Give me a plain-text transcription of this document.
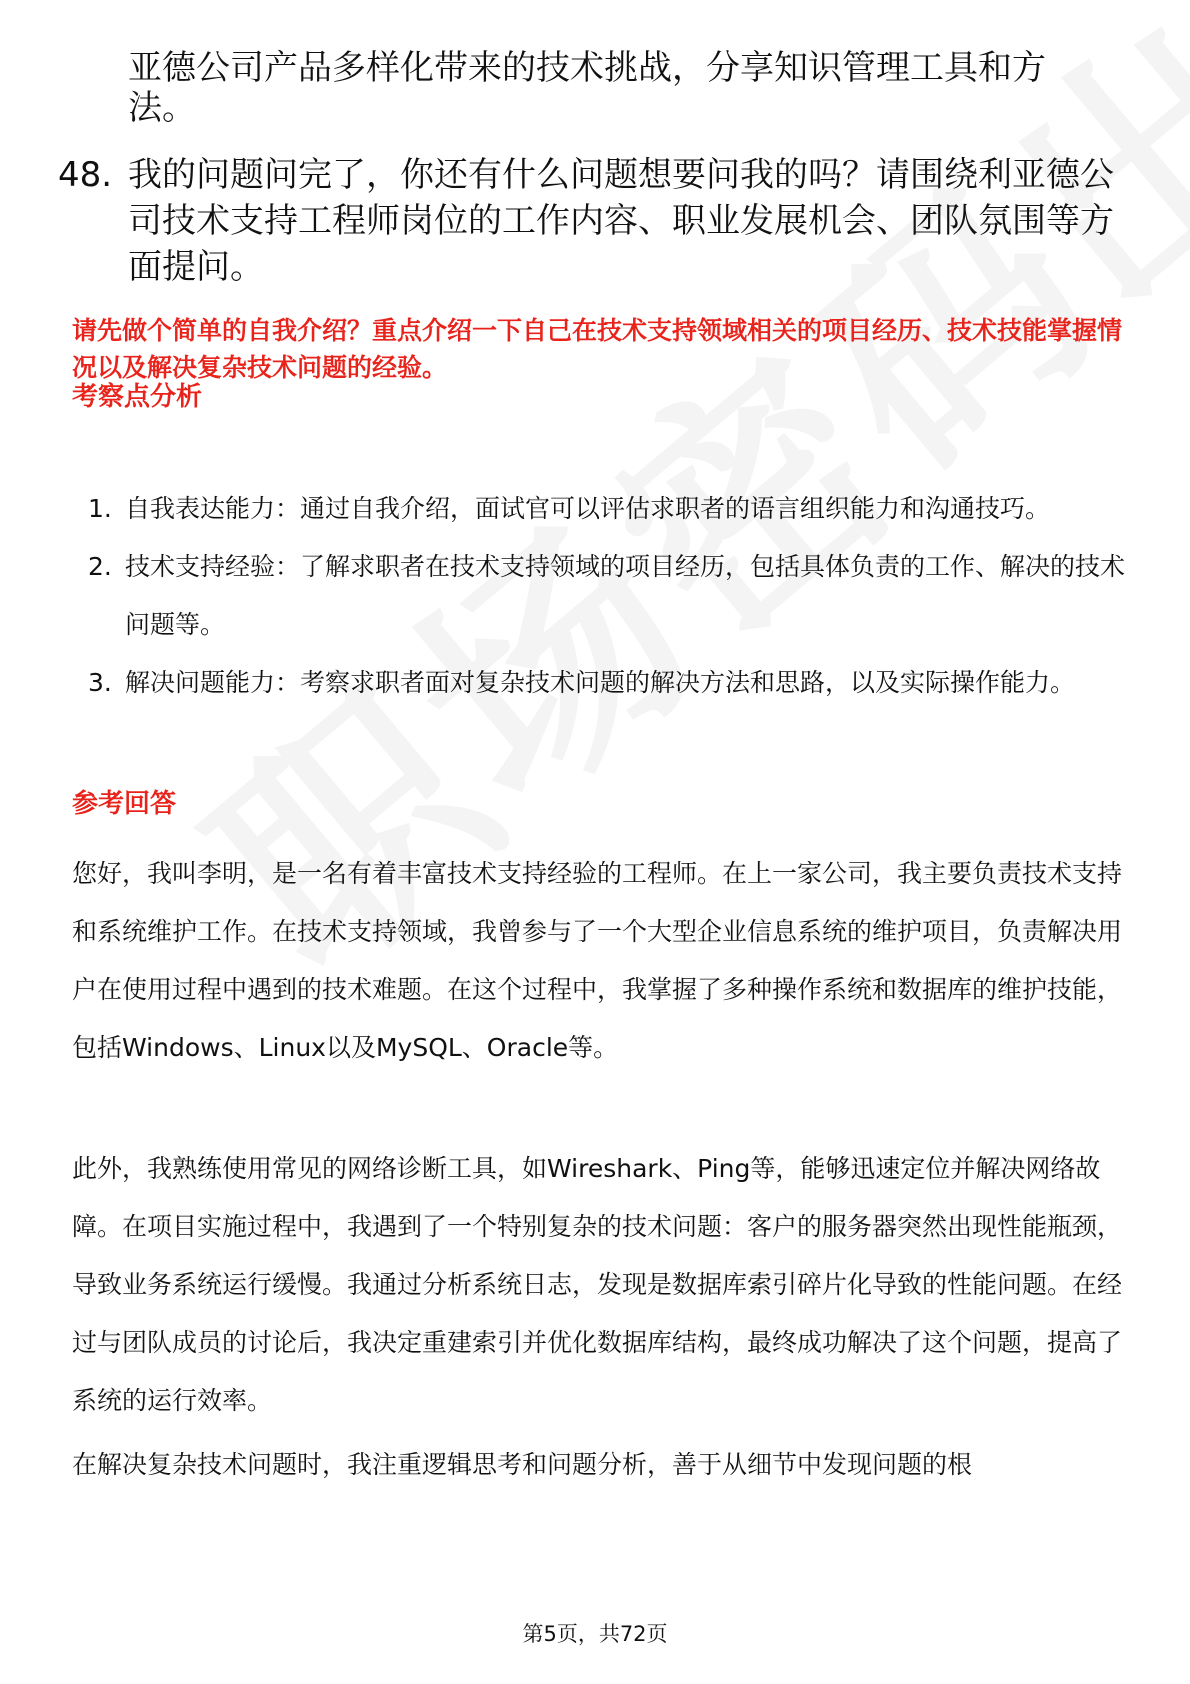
亚德公司产品多样化带来的技术挑战，分享知识管理工具和方
法。
48. 我的问题问完了，你还有什么问题想要问我的吗？请围绕利亚德公司技术支持工程师岗位的工作内容、职业发展机会、团队氛围等方面提问。
请先做个简单的自我介绍？重点介绍一下自己在技术支持领域相关的项目经历、技术技能掌握情况以及解决复杂技术问题的经验。
考察点分析
1. 自我表达能力：通过自我介绍，面试官可以评估求职者的语言组织能力和沟通技巧。
2. 技术支持经验：了解求职者在技术支持领域的项目经历，包括具体负责的工作、解决的技术问题等。
3. 解决问题能力：考察求职者面对复杂技术问题的解决方法和思路，以及实际操作能力。
参考回答

您好，我叫李明，是一名有着丰富技术支持经验的工程师。在上一家公司，我主要负责技术支持和系统维护工作。在技术支持领域，我曾参与了一个大型企业信息系统的维护项目，负责解决用户在使用过程中遇到的技术难题。在这个过程中，我掌握了多种操作系统和数据库的维护技能，包括Windows、Linux以及MySQL、Oracle等。

此外，我熟练使用常见的网络诊断工具，如Wireshark、Ping等，能够迅速定位并解决网络故障。在项目实施过程中，我遇到了一个特别复杂的技术问题：客户的服务器突然出现性能瓶颈，导致业务系统运行缓慢。我通过分析系统日志，发现是数据库索引碎片化导致的性能问题。在经过与团队成员的讨论后，我决定重建索引并优化数据库结构，最终成功解决了这个问题，提高了系统的运行效率。

在解决复杂技术问题时，我注重逻辑思考和问题分析，善于从细节中发现问题的根

第5页，共72页
